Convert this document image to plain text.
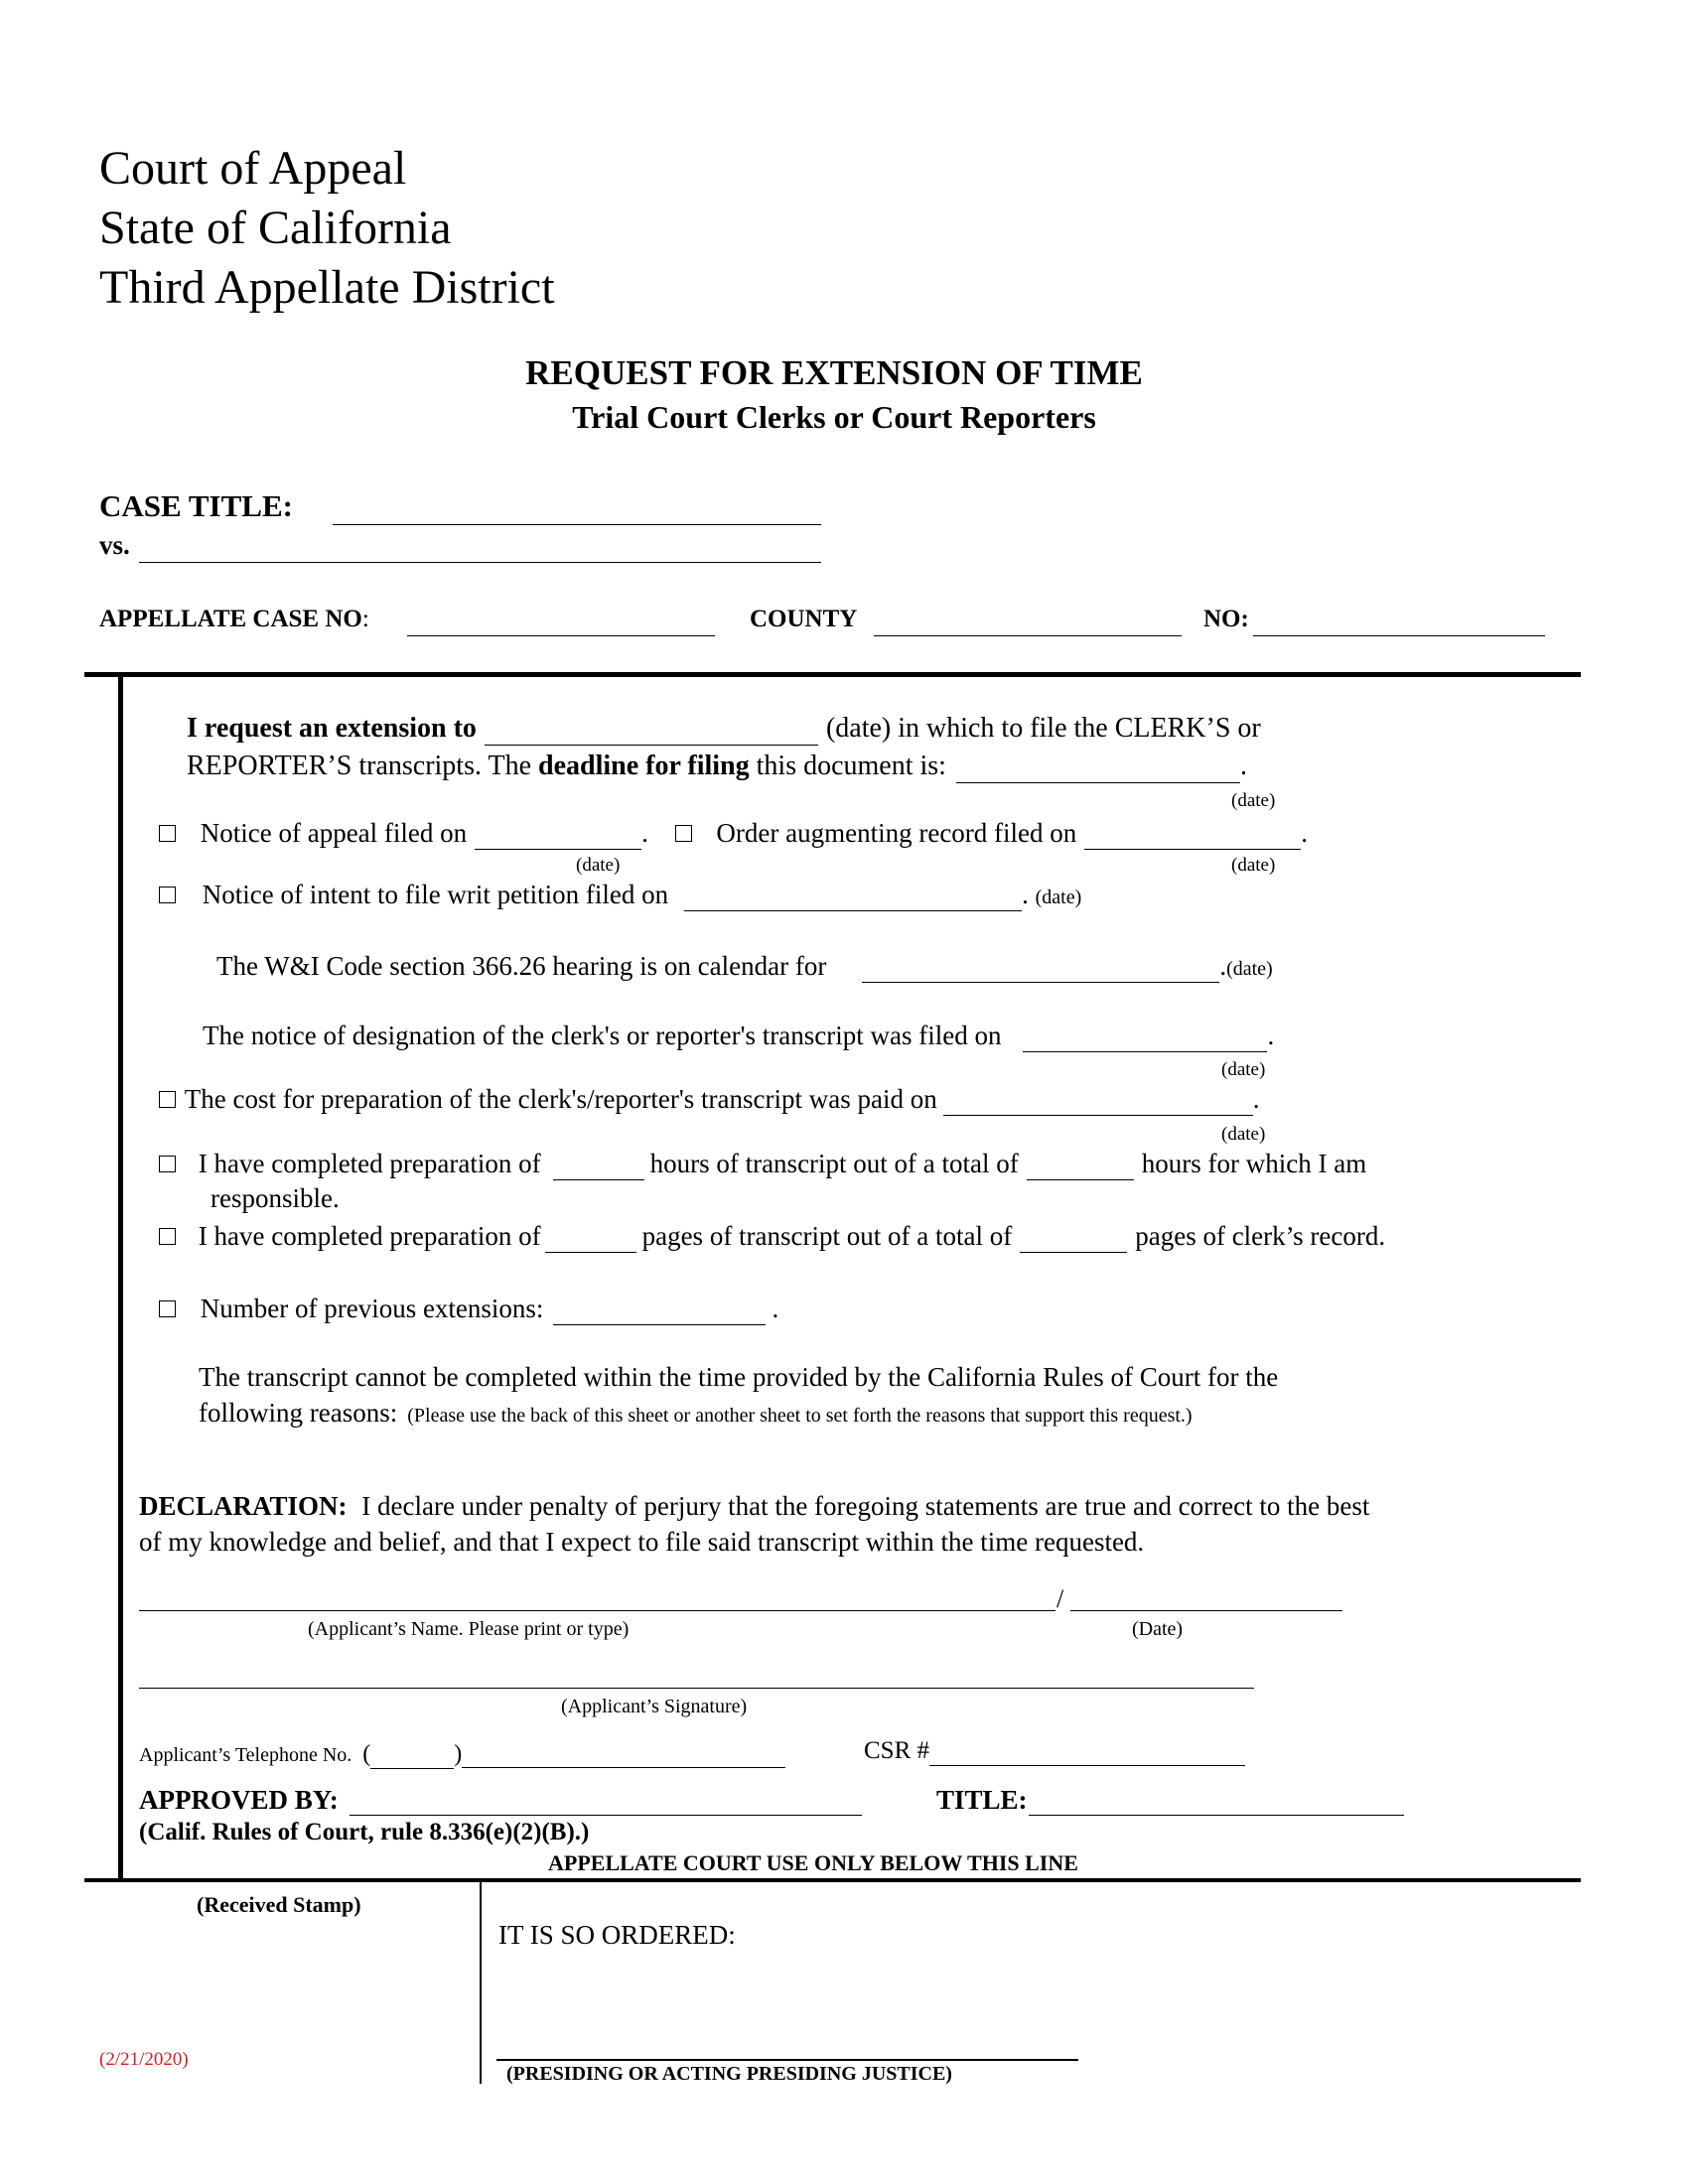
Court of Appeal
State of California
Third Appellate District
REQUEST FOR EXTENSION OF TIME
Trial Court Clerks or Court Reporters
CASE TITLE:
vs.
APPELLATE CASE NO:	COUNTY	NO:
I request an extension to	(date) in which to file the CLERK’S or
REPORTER’S transcripts. The deadline for filing this document is:	.
(date)
Notice of appeal filed on	.  Order augmenting record filed on	.
(date)	(date)
Notice of intent to file writ petition filed on	. (date)
The W&I Code section 366.26 hearing is on calendar for	.(date)
The notice of designation of the clerk's or reporter's transcript was filed on	.
(date)
The cost for preparation of the clerk's/reporter's transcript was paid on	.
(date)
I have completed preparation of	hours of transcript out of a total of	hours for which I am
responsible.
I have completed preparation of	pages of transcript out of a total of	pages of clerk’s record.
Number of previous extensions:	.
The transcript cannot be completed within the time provided by the California Rules of Court for the
following reasons: (Please use the back of this sheet or another sheet to set forth the reasons that support this request.)
DECLARATION: I declare under penalty of perjury that the foregoing statements are true and correct to the best
of my knowledge and belief, and that I expect to file said transcript within the time requested.
/
(Applicant’s Name. Please print or type)	(Date)
(Applicant’s Signature)
Applicant’s Telephone No. (	)	CSR #
APPROVED BY:	TITLE:
(Calif. Rules of Court, rule 8.336(e)(2)(B).)
APPELLATE COURT USE ONLY BELOW THIS LINE
(Received Stamp)
IT IS SO ORDERED:
(PRESIDING OR ACTING PRESIDING JUSTICE)
(2/21/2020)
